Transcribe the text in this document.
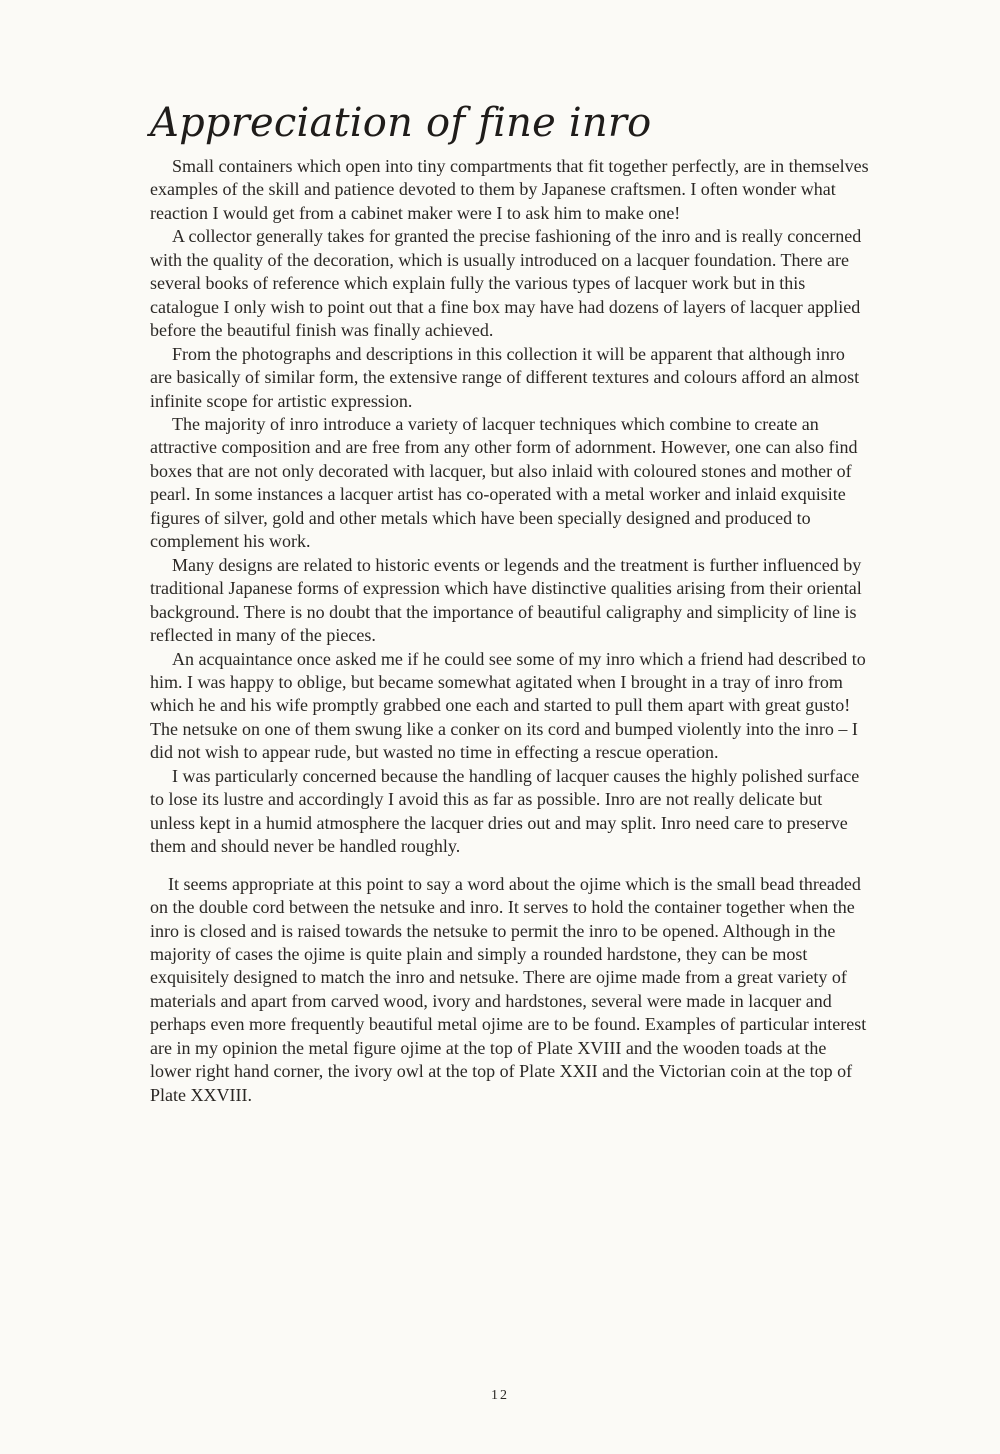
Appreciation of fine inro

Small containers which open into tiny compartments that fit together perfectly, are in themselves examples of the skill and patience devoted to them by Japanese craftsmen. I often wonder what reaction I would get from a cabinet maker were I to ask him to make one!

A collector generally takes for granted the precise fashioning of the inro and is really concerned with the quality of the decoration, which is usually introduced on a lacquer foundation. There are several books of reference which explain fully the various types of lacquer work but in this catalogue I only wish to point out that a fine box may have had dozens of layers of lacquer applied before the beautiful finish was finally achieved.

From the photographs and descriptions in this collection it will be apparent that although inro are basically of similar form, the extensive range of different textures and colours afford an almost infinite scope for artistic expression.

The majority of inro introduce a variety of lacquer techniques which combine to create an attractive composition and are free from any other form of adornment. However, one can also find boxes that are not only decorated with lacquer, but also inlaid with coloured stones and mother of pearl. In some instances a lacquer artist has co-operated with a metal worker and inlaid exquisite figures of silver, gold and other metals which have been specially designed and produced to complement his work.

Many designs are related to historic events or legends and the treatment is further influenced by traditional Japanese forms of expression which have distinctive qualities arising from their oriental background. There is no doubt that the importance of beautiful caligraphy and simplicity of line is reflected in many of the pieces.

An acquaintance once asked me if he could see some of my inro which a friend had described to him. I was happy to oblige, but became somewhat agitated when I brought in a tray of inro from which he and his wife promptly grabbed one each and started to pull them apart with great gusto! The netsuke on one of them swung like a conker on its cord and bumped violently into the inro – I did not wish to appear rude, but wasted no time in effecting a rescue operation.

I was particularly concerned because the handling of lacquer causes the highly polished surface to lose its lustre and accordingly I avoid this as far as possible. Inro are not really delicate but unless kept in a humid atmosphere the lacquer dries out and may split. Inro need care to preserve them and should never be handled roughly.

It seems appropriate at this point to say a word about the ojime which is the small bead threaded on the double cord between the netsuke and inro. It serves to hold the container together when the inro is closed and is raised towards the netsuke to permit the inro to be opened. Although in the majority of cases the ojime is quite plain and simply a rounded hardstone, they can be most exquisitely designed to match the inro and netsuke. There are ojime made from a great variety of materials and apart from carved wood, ivory and hardstones, several were made in lacquer and perhaps even more frequently beautiful metal ojime are to be found. Examples of particular interest are in my opinion the metal figure ojime at the top of Plate XVIII and the wooden toads at the lower right hand corner, the ivory owl at the top of Plate XXII and the Victorian coin at the top of Plate XXVIII.

12
